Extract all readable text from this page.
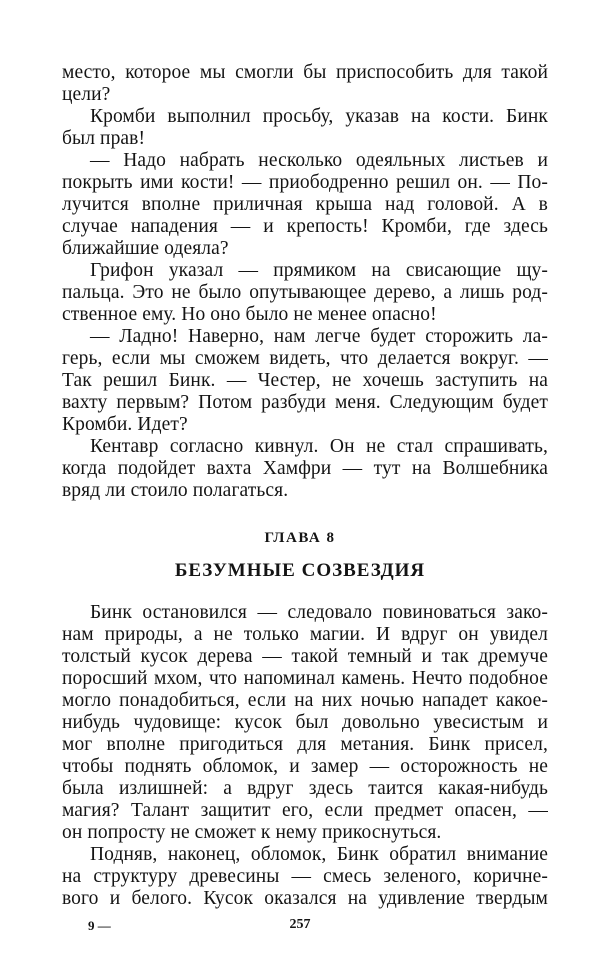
место, которое мы смогли бы приспособить для такой
цели?
Кромби выполнил просьбу, указав на кости. Бинк
был прав!
— Надо набрать несколько одеяльных листьев и
покрыть ими кости! — приободренно решил он. — По-
лучится вполне приличная крыша над головой. А в
случае нападения — и крепость! Кромби, где здесь
ближайшие одеяла?
Грифон указал — прямиком на свисающие щу-
пальца. Это не было опутывающее дерево, а лишь род-
ственное ему. Но оно было не менее опасно!
— Ладно! Наверно, нам легче будет сторожить ла-
герь, если мы сможем видеть, что делается вокруг. —
Так решил Бинк. — Честер, не хочешь заступить на
вахту первым? Потом разбуди меня. Следующим будет
Кромби. Идет?
Кентавр согласно кивнул. Он не стал спрашивать,
когда подойдет вахта Хамфри — тут на Волшебника
вряд ли стоило полагаться.
ГЛАВА 8
БЕЗУМНЫЕ СОЗВЕЗДИЯ
Бинк остановился — следовало повиноваться зако-
нам природы, а не только магии. И вдруг он увидел
толстый кусок дерева — такой темный и так дремуче
поросший мхом, что напоминал камень. Нечто подобное
могло понадобиться, если на них ночью нападет какое-
нибудь чудовище: кусок был довольно увесистым и
мог вполне пригодиться для метания. Бинк присел,
чтобы поднять обломок, и замер — осторожность не
была излишней: а вдруг здесь таится какая-нибудь
магия? Талант защитит его, если предмет опасен, —
он попросту не сможет к нему прикоснуться.
Подняв, наконец, обломок, Бинк обратил внимание
на структуру древесины — смесь зеленого, коричне-
вого и белого. Кусок оказался на удивление твердым
9 —	257
